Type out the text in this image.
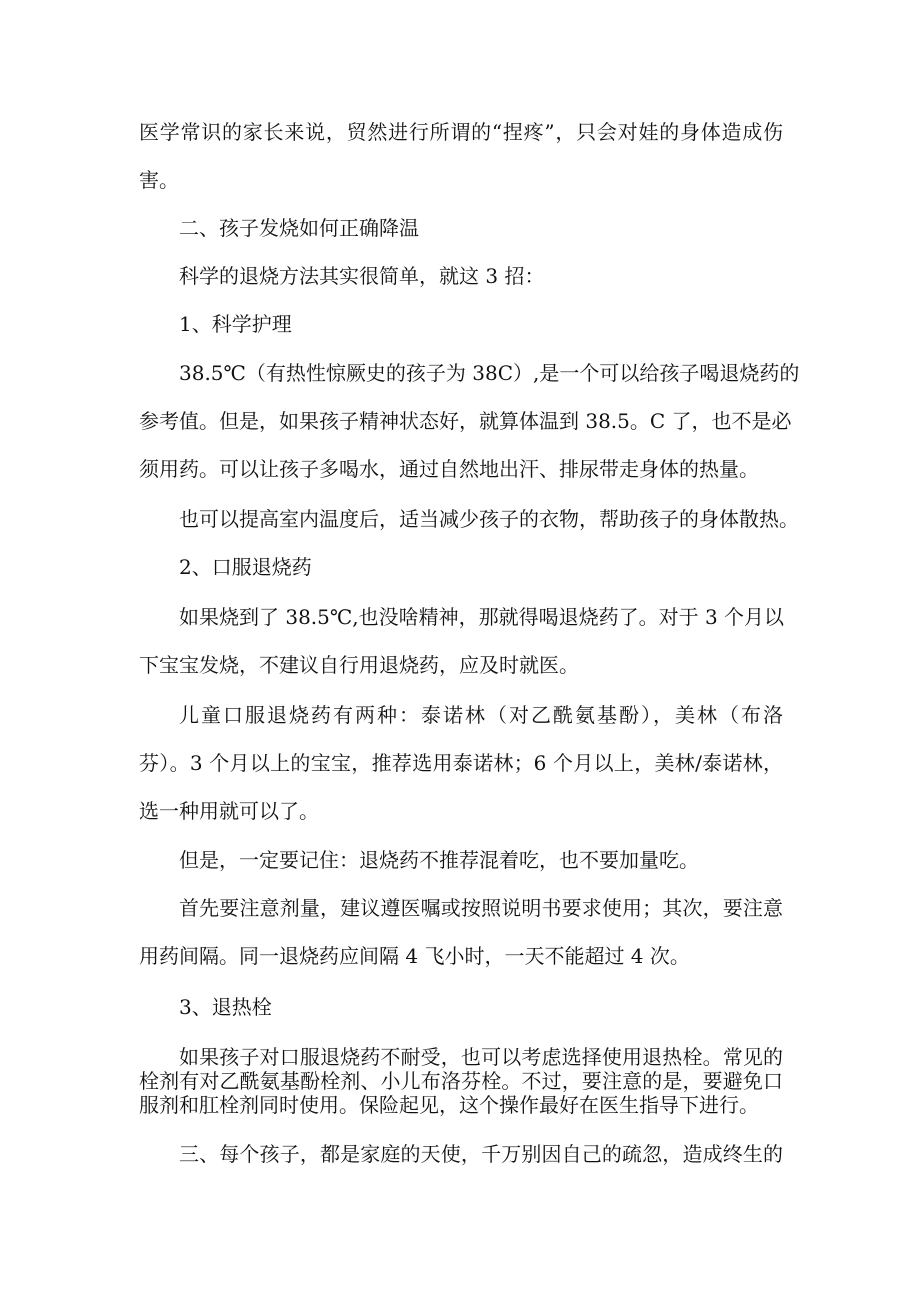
医学常识的家长来说，贸然进行所谓的“捏疼”，只会对娃的身体造成伤
害。
二、孩子发烧如何正确降温
科学的退烧方法其实很简单，就这 3 招：
1、科学护理
38.5℃（有热性惊厥史的孩子为 38C）,是一个可以给孩子喝退烧药的
参考值。但是，如果孩子精神状态好，就算体温到 38.5。C 了，也不是必
须用药。可以让孩子多喝水，通过自然地出汗、排尿带走身体的热量。
也可以提高室内温度后，适当减少孩子的衣物，帮助孩子的身体散热。
2、口服退烧药
如果烧到了 38.5℃,也没啥精神，那就得喝退烧药了。对于 3 个月以
下宝宝发烧，不建议自行用退烧药，应及时就医。
儿童口服退烧药有两种：泰诺林（对乙酰氨基酚），美林（布洛
芬）。3 个月以上的宝宝，推荐选用泰诺林；6 个月以上，美林/泰诺林，
选一种用就可以了。
但是，一定要记住：退烧药不推荐混着吃，也不要加量吃。
首先要注意剂量，建议遵医嘱或按照说明书要求使用；其次，要注意
用药间隔。同一退烧药应间隔 4 飞小时，一天不能超过 4 次。
3、退热栓
如果孩子对口服退烧药不耐受，也可以考虑选择使用退热栓。常见的
栓剂有对乙酰氨基酚栓剂、小儿布洛芬栓。不过，要注意的是，要避免口
服剂和肛栓剂同时使用。保险起见，这个操作最好在医生指导下进行。
三、每个孩子，都是家庭的天使，千万别因自己的疏忽，造成终生的
